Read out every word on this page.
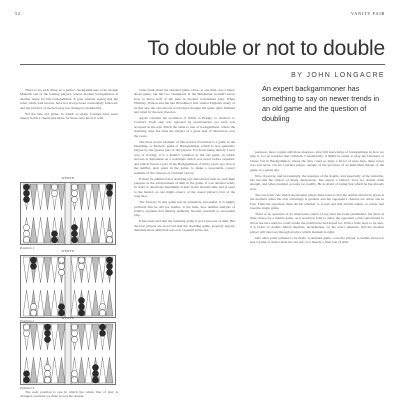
52	VANITY FAIR
To double or not to double
BY JOHN LONGACRE
An expert backgammoner has something to say on newer trends in an old game and the question of doubling

There is no such thing as a perfect backgammoner, even though Makarth one of the leading players, whose modern backgammon is another name for bad backgammon. It goes without saying that the rules, while well known, have not always been consistently followed, and the practice of modern play has changed considerably.

Yet the fine old game, in which so many fortunes have been risked, holds a charm and allure for those who know it well.

WHITE
Position 1
WHITE
Position 2
WHITE
Position 3

The next position is one in which the whole line of play is changed, and here we must accept the double.

come from about the standard game. Once, at one time, was a hand-about game, but the two champions in the Manhattan wouldn't know how to move half of the men in modern tournament play. When Whitney, Wilson and the late Broadhurst first visited England, many of us that saw the old schools would have thought the game quite finished and ruled by the new theories.

Again consider the evolution of Whist to Bridge, to Auction, to Contract. Each step was opposed by reactionaries, yet each was accepted in the end. Much the same is true of backgammon, where the doubling cube has been the subject of a great deal of discussion over the years.

The most recent example of this second revolution is a game in the Doubling, or Modern, game of Backgammon, which is now generally played by the greater part of the players. For from being merely a new way of scoring, it is a distinct variation of the old game, in which success is dependent on a technique which was never before required, and which forced a part of the Backgammon of thirty years ago, that is the skillful, alert point in the game, to make a reasonable correct estimate of the chances of eventual victory.

It must be admitted that doubling was introduced with no such high purpose as the advancement of skill in the game. It was devised solely in order to obtain the maximum 'action' in the shortest time and is open to the hazard, as one might expect, of the casual player's love of the long shot.

The Unwary in that game has an extremely successful. It is highly probable that he did not realize, at the time, how skillful analysis of relative position had thereby suddenly become essential to successful play.

It has been said that the doubling game is not a true test of skill. But the best players are in accord that the doubling game, properly played, demands more skill than was ever required in the old.

perience, more cogent still more elegance, after full knowledge of backgammon in how we play it. Let us consider that criticism. Considerably, it might be easier to play the Checkers or Chess, but in Backgammon, where the dice count so large a factor of pure luck, there never was and never can be a perfect player, outside of the province of an individual master of the game on a given day.

Now, however, and increasingly, the question of the double, and especially of the redouble, has become the subject of many discussions. The expert, I believe, does not double often enough, and when doubled, accepts too readily. He is afraid of losing that which he has already won.

The one basic rule which the modern player must learn is that the double should be given at the moment when his own advantage is greatest and his opponent's chances are about one in four. Then the opponent must decide whether to accept and risk double stakes, or refuse and lose the single game.

There is no question of its importance when a long lead has been established, but there is little choice for a double game, as it would be folly to allow the opponent a free opportunity to throw the dice until he could obtain the position he had hoped for. With a wide lead, to be sure, it is better to double. Much depends, nevertheless, on the exact situation, and the modern player will discover through practice which moment is right.

One other point remains to be made. A doubled game, correctly played, is neither more nor less a game of chance than the old one; it is merely a finer test of skill.
